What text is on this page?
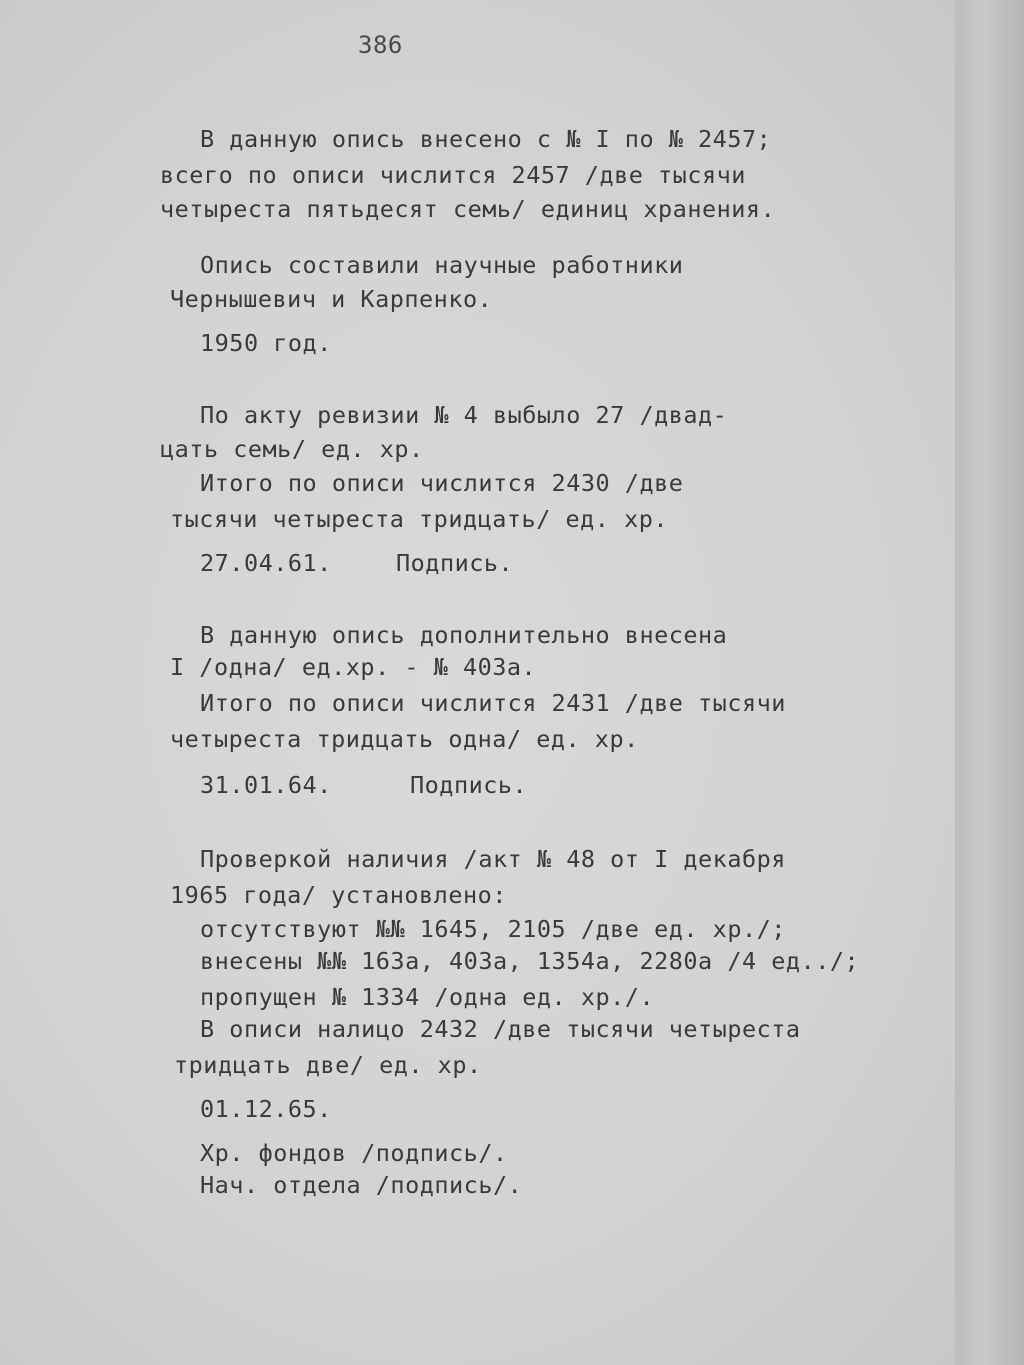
386
В данную опись внесено с № I по № 2457;
всего по описи числится 2457 /две тысячи
четыреста пятьдесят семь/ единиц хранения.
Опись составили научные работники
Чернышевич и Карпенко.
1950 год.
По акту ревизии № 4 выбыло 27 /двад-
цать семь/ ед. хр.
Итого по описи числится 2430 /две
тысячи четыреста тридцать/ ед. хр.
27.04.61.	Подпись.
В данную опись дополнительно внесена
I /одна/ ед.хр. - № 403а.
Итого по описи числится 2431 /две тысячи
четыреста тридцать одна/ ед. хр.
31.01.64.	Подпись.
Проверкой наличия /акт № 48 от I декабря
1965 года/ установлено:
отсутствуют №№ 1645, 2105 /две ед. хр./;
внесены №№ 163а, 403а, 1354а, 2280а /4 ед../;
пропущен № 1334 /одна ед. хр./.
В описи налицо 2432 /две тысячи четыреста
тридцать две/ ед. хр.
01.12.65.
Хр. фондов /подпись/.
Нач. отдела /подпись/.
